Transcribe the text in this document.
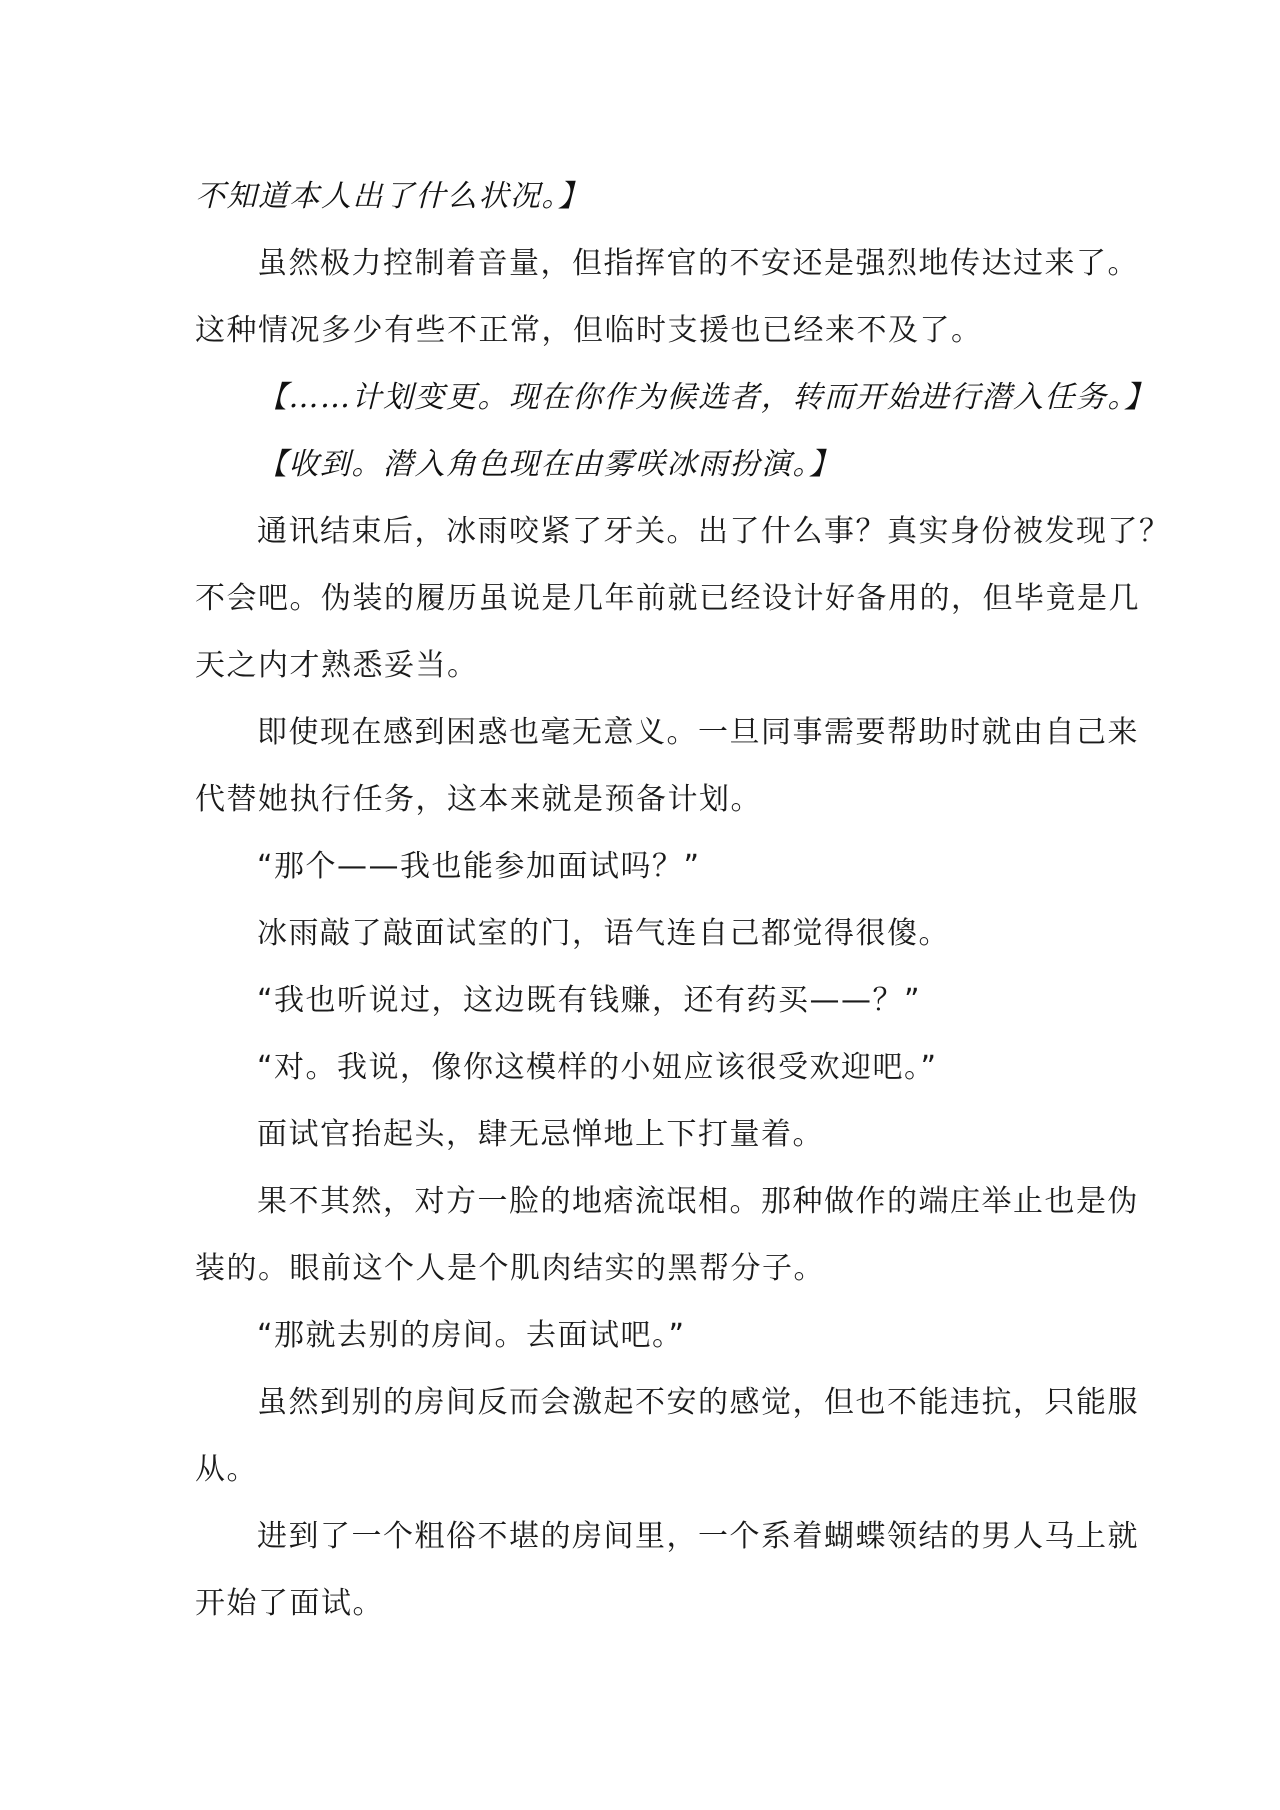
不知道本人出了什么状况。】
虽然极力控制着音量，但指挥官的不安还是强烈地传达过来了。
这种情况多少有些不正常，但临时支援也已经来不及了。
【……计划变更。现在你作为候选者，转而开始进行潜入任务。】
【收到。潜入角色现在由雾咲冰雨扮演。】
通讯结束后，冰雨咬紧了牙关。出了什么事？真实身份被发现了？
不会吧。伪装的履历虽说是几年前就已经设计好备用的，但毕竟是几
天之内才熟悉妥当。
即使现在感到困惑也毫无意义。一旦同事需要帮助时就由自己来
代替她执行任务，这本来就是预备计划。
“那个——我也能参加面试吗？”
冰雨敲了敲面试室的门，语气连自己都觉得很傻。
“我也听说过，这边既有钱赚，还有药买——？”
“对。我说，像你这模样的小妞应该很受欢迎吧。”
面试官抬起头，肆无忌惮地上下打量着。
果不其然，对方一脸的地痞流氓相。那种做作的端庄举止也是伪
装的。眼前这个人是个肌肉结实的黑帮分子。
“那就去别的房间。去面试吧。”
虽然到别的房间反而会激起不安的感觉，但也不能违抗，只能服
从。
进到了一个粗俗不堪的房间里，一个系着蝴蝶领结的男人马上就
开始了面试。
